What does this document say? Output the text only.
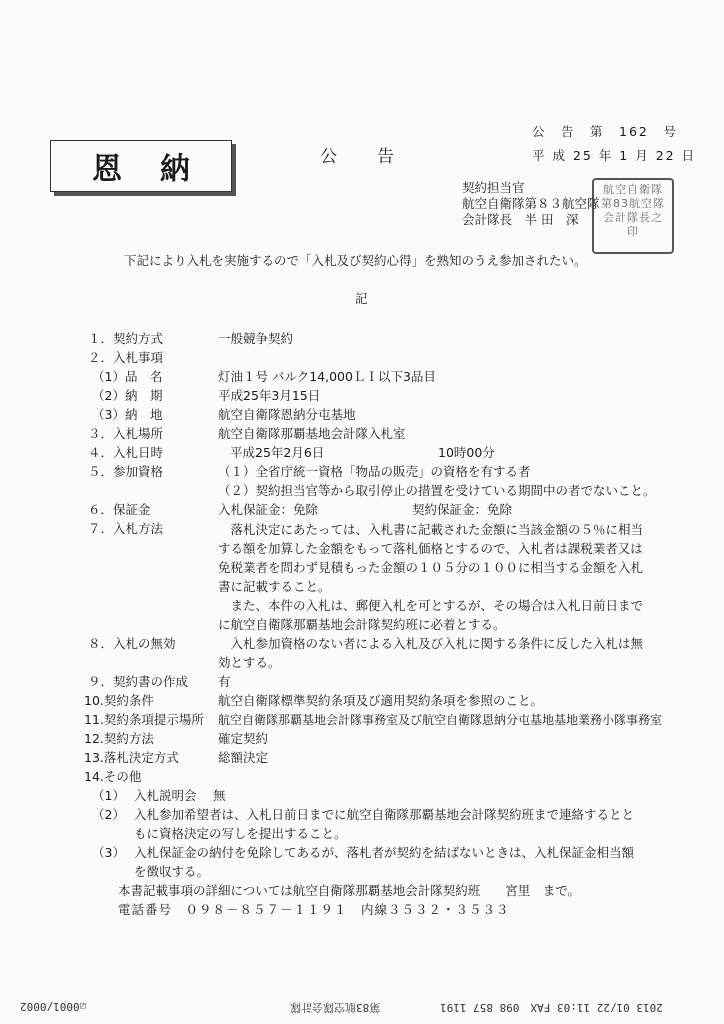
公　告　第　162　号
平 成 25 年 1 月 22 日
恩納	公　　告
契約担当官
航空自衛隊第８３航空隊
会計隊長　半 田　深
航空自衛隊第83航空隊会計隊長之印
下記により入札を実施するので「入札及び契約心得」を熟知のうえ参加されたい。
記
１．契約方式	一般競争契約
２．入札事項
（1）品　名	灯油１号 バルク14,000ＬＩ以下3品目
（2）納　期	平成25年3月15日
（3）納　地	航空自衛隊恩納分屯基地
３．入札場所	航空自衛隊那覇基地会計隊入札室
４．入札日時	平成25年2月6日	10時00分
５．参加資格	（１）全省庁統一資格「物品の販売」の資格を有する者
（２）契約担当官等から取引停止の措置を受けている期間中の者でないこと。
６．保証金	入札保証金：免除	契約保証金：免除
７．入札方法	　落札決定にあたっては、入札書に記載された金額に当該金額の５％に相当
する額を加算した金額をもって落札価格とするので、入札者は課税業者又は
免税業者を問わず見積もった金額の１０５分の１００に相当する金額を入札
書に記載すること。
　また、本件の入札は、郵便入札を可とするが、その場合は入札日前日まで
に航空自衛隊那覇基地会計隊契約班に必着とする。
８．入札の無効	　入札参加資格のない者による入札及び入札に関する条件に反した入札は無
効とする。
９．契約書の作成 有
10.契約条件	航空自衛隊標準契約条項及び適用契約条項を参照のこと。
11.契約条項提示場所 航空自衛隊那覇基地会計隊事務室及び航空自衛隊恩納分屯基地基地業務小隊事務室
12.契約方法	確定契約
13.落札決定方式	総額決定
14.その他
（1） 入札説明会　 無
（2） 入札参加希望者は、入札日前日までに航空自衛隊那覇基地会計隊契約班まで連絡するとと
もに資格決定の写しを提出すること。
（3） 入札保証金の納付を免除してあるが、落札者が契約を結ばないときは、入札保証金相当額
を徴収する。
本書記載事項の詳細については航空自衛隊那覇基地会計隊契約班　　宮里　まで。
電話番号　０９８－８５７－１１９１　内線３５３２・３５３３
2013 01/22 11:03 FAX　098 857 1191
第83航空隊会計隊
☑0001/0002
